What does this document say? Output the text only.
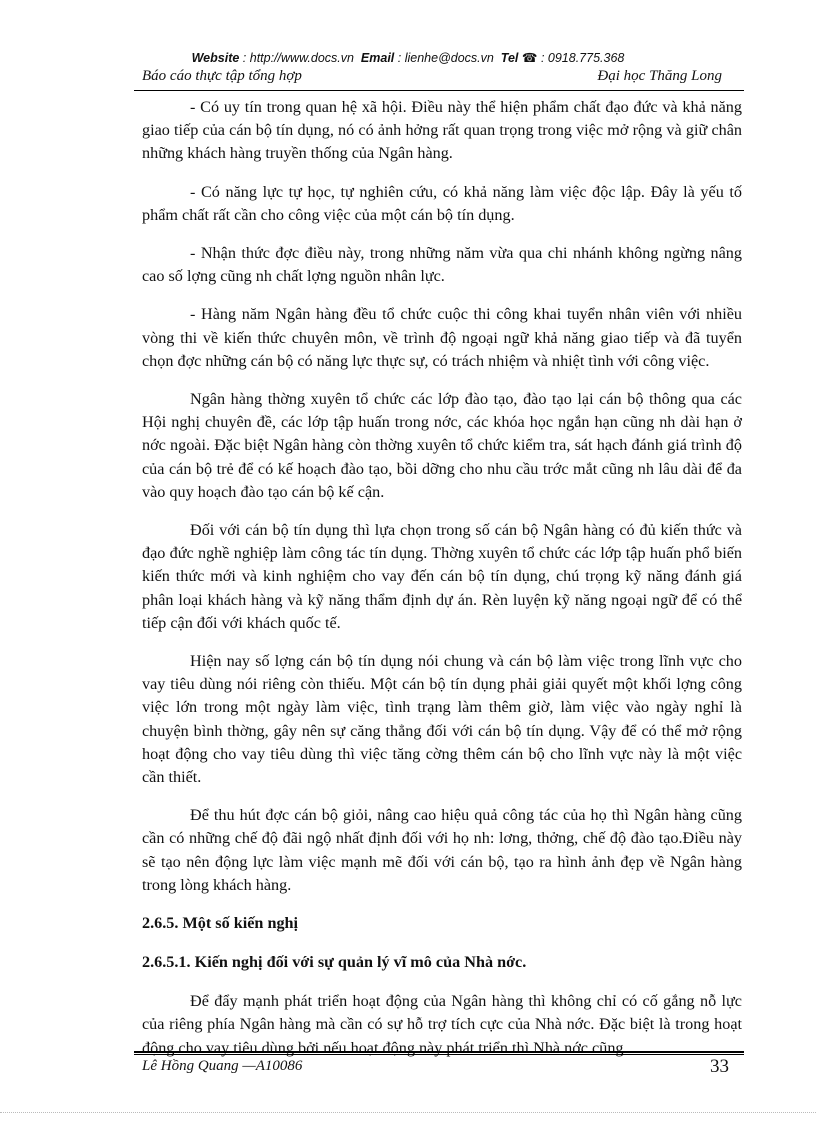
Website : http://www.docs.vn Email : lienhe@docs.vn Tel ☎ : 0918.775.368
Báo cáo thực tập tổng hợp	Đại học Thăng Long

- Có uy tín trong quan hệ xã hội. Điều này thể hiện phẩm chất đạo đức và khả năng giao tiếp của cán bộ tín dụng, nó có ảnh hởng rất quan trọng trong việc mở rộng và giữ chân những khách hàng truyền thống của Ngân hàng.

- Có năng lực tự học, tự nghiên cứu, có khả năng làm việc độc lập. Đây là yếu tố phẩm chất rất cần cho công việc của một cán bộ tín dụng.

- Nhận thức đợc điều này, trong những năm vừa qua chi nhánh không ngừng nâng cao số lợng cũng nh chất lợng nguồn nhân lực.

- Hàng năm Ngân hàng đều tổ chức cuộc thi công khai tuyển nhân viên với nhiều vòng thi về kiến thức chuyên môn, về trình độ ngoại ngữ khả năng giao tiếp và đã tuyển chọn đợc những cán bộ có năng lực thực sự, có trách nhiệm và nhiệt tình với công việc.

Ngân hàng thờng xuyên tổ chức các lớp đào tạo, đào tạo lại cán bộ thông qua các Hội nghị chuyên đề, các lớp tập huấn trong nớc, các khóa học ngắn hạn cũng nh dài hạn ở nớc ngoài. Đặc biệt Ngân hàng còn thờng xuyên tổ chức kiểm tra, sát hạch đánh giá trình độ của cán bộ trẻ để có kế hoạch đào tạo, bồi dỡng cho nhu cầu trớc mắt cũng nh lâu dài để đa vào quy hoạch đào tạo cán bộ kế cận.

Đối với cán bộ tín dụng thì lựa chọn trong số cán bộ Ngân hàng có đủ kiến thức và đạo đức nghề nghiệp làm công tác tín dụng. Thờng xuyên tổ chức các lớp tập huấn phổ biến kiến thức mới và kinh nghiệm cho vay đến cán bộ tín dụng, chú trọng kỹ năng đánh giá phân loại khách hàng và kỹ năng thẩm định dự án. Rèn luyện kỹ năng ngoại ngữ để có thể tiếp cận đối với khách quốc tế.

Hiện nay số lợng cán bộ tín dụng nói chung và cán bộ làm việc trong lĩnh vực cho vay tiêu dùng nói riêng còn thiếu. Một cán bộ tín dụng phải giải quyết một khối lợng công việc lớn trong một ngày làm việc, tình trạng làm thêm giờ, làm việc vào ngày nghỉ là chuyện bình thờng, gây nên sự căng thẳng đối với cán bộ tín dụng. Vậy để có thể mở rộng hoạt động cho vay tiêu dùng thì việc tăng cờng thêm cán bộ cho lĩnh vực này là một việc cần thiết.

Để thu hút đợc cán bộ giỏi, nâng cao hiệu quả công tác của họ thì Ngân hàng cũng cần có những chế độ đãi ngộ nhất định đối với họ nh: lơng, thởng, chế độ đào tạo.Điều này sẽ tạo nên động lực làm việc mạnh mẽ đối với cán bộ, tạo ra hình ảnh đẹp về Ngân hàng trong lòng khách hàng.

2.6.5. Một số kiến nghị
2.6.5.1. Kiến nghị đối với sự quản lý vĩ mô của Nhà nớc.

Để đẩy mạnh phát triển hoạt động của Ngân hàng thì không chỉ có cố gắng nỗ lực của riêng phía Ngân hàng mà cần có sự hỗ trợ tích cực của Nhà nớc. Đặc biệt là trong hoạt động cho vay tiêu dùng bởi nếu hoạt động này phát triển thì Nhà nớc cũng

Lê Hồng Quang —A10086	33
